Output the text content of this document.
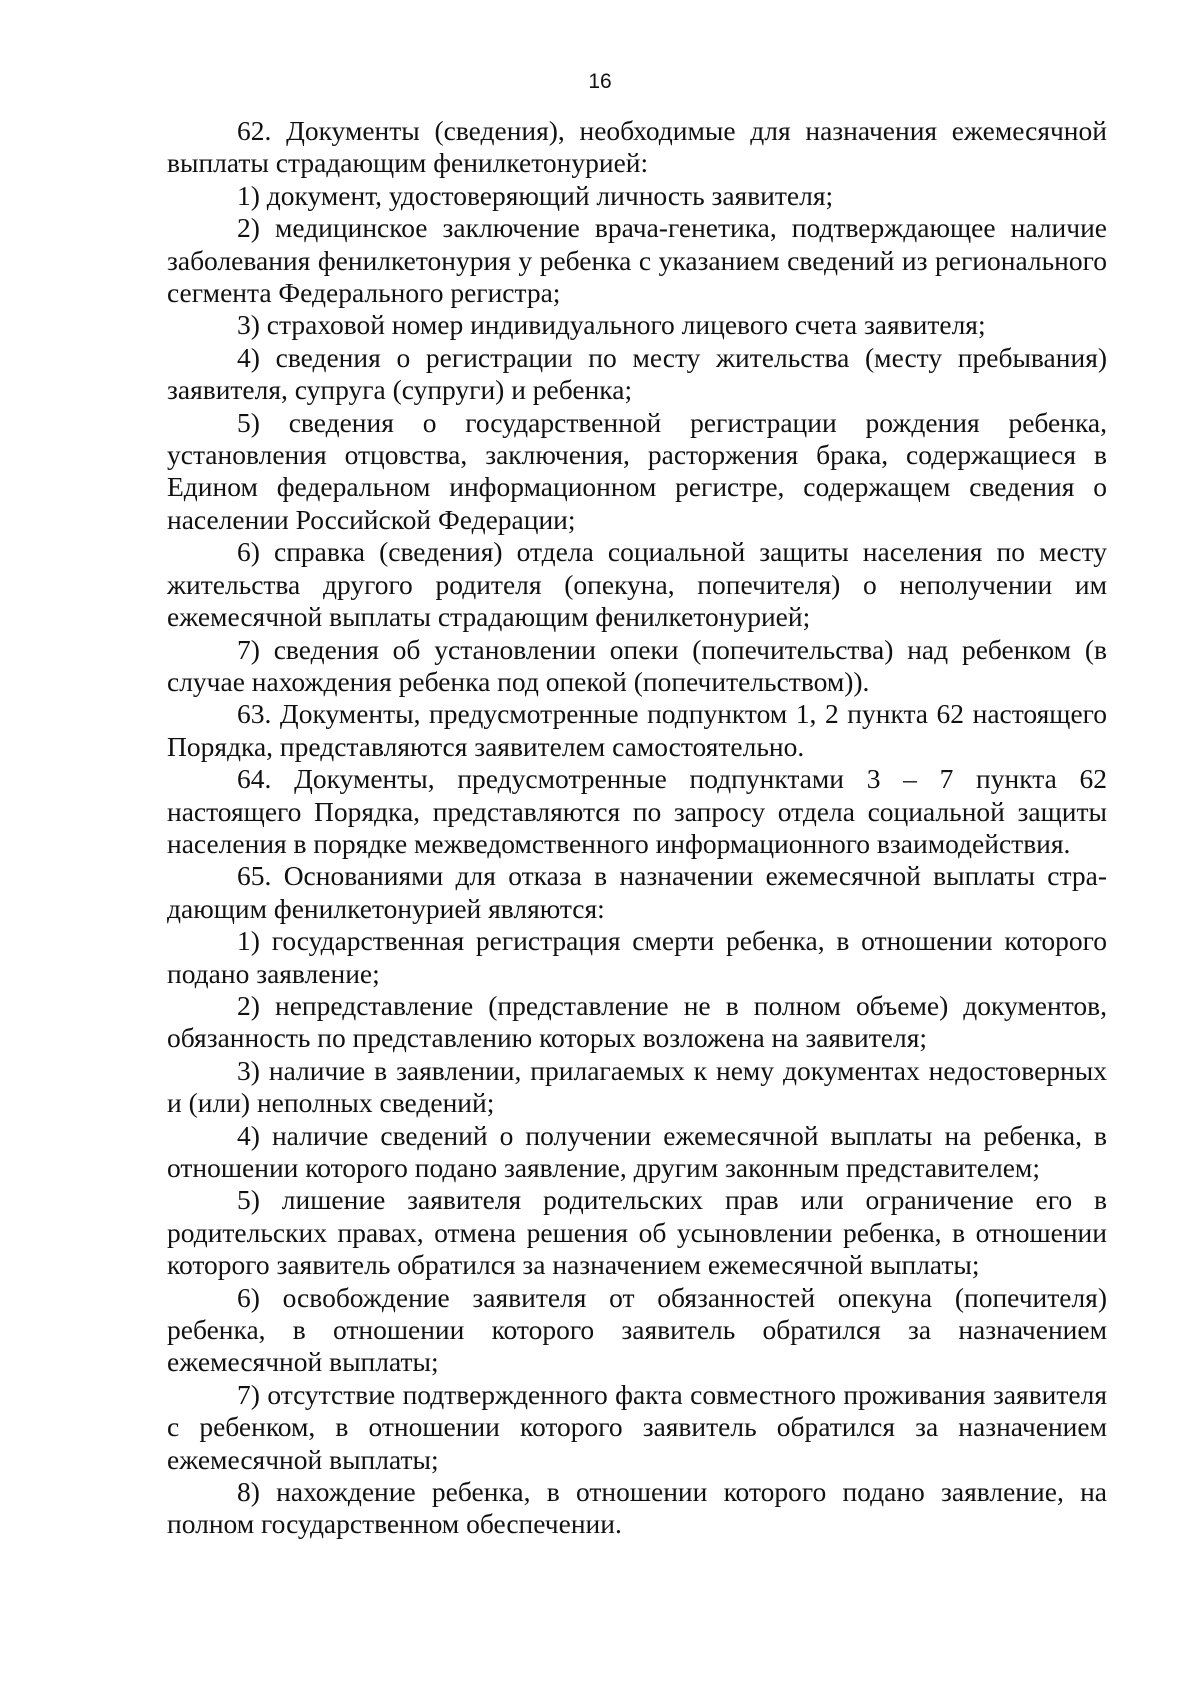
16

62. Документы (сведения), необходимые для назначения ежемесячной выплаты страдающим фенилкетонурией:

1) документ, удостоверяющий личность заявителя;

2) медицинское заключение врача-генетика, подтверждающее наличие заболевания фенилкетонурия у ребенка с указанием сведений из регионального сегмента Федерального регистра;

3) страховой номер индивидуального лицевого счета заявителя;

4) сведения о регистрации по месту жительства (месту пребывания) заявителя, супруга (супруги) и ребенка;

5) сведения о государственной регистрации рождения ребенка, установления отцовства, заключения, расторжения брака, содержащиеся в Едином федеральном информационном регистре, содержащем сведения о населении Российской Федерации;

6) справка (сведения) отдела социальной защиты населения по месту жительства другого родителя (опекуна, попечителя) о неполучении им ежемесячной выплаты страдающим фенилкетонурией;

7) сведения об установлении опеки (попечительства) над ребенком (в случае нахождения ребенка под опекой (попечительством)).

63. Документы, предусмотренные подпунктом 1, 2 пункта 62 настоящего Порядка, представляются заявителем самостоятельно.

64. Документы, предусмотренные подпунктами 3 – 7 пункта 62 настоящего Порядка, представляются по запросу отдела социальной защиты населения в порядке межведомственного информационного взаимодействия.

65. Основаниями для отказа в назначении ежемесячной выплаты страдающим фенилкетонурией являются:

1) государственная регистрация смерти ребенка, в отношении которого подано заявление;

2) непредставление (представление не в полном объеме) документов, обязанность по представлению которых возложена на заявителя;

3) наличие в заявлении, прилагаемых к нему документах недостоверных и (или) неполных сведений;

4) наличие сведений о получении ежемесячной выплаты на ребенка, в отношении которого подано заявление, другим законным представителем;

5) лишение заявителя родительских прав или ограничение его в родительских правах, отмена решения об усыновлении ребенка, в отношении которого заявитель обратился за назначением ежемесячной выплаты;

6) освобождение заявителя от обязанностей опекуна (попечителя) ребенка, в отношении которого заявитель обратился за назначением ежемесячной выплаты;

7) отсутствие подтвержденного факта совместного проживания заявителя с ребенком, в отношении которого заявитель обратился за назначением ежемесячной выплаты;

8) нахождение ребенка, в отношении которого подано заявление, на полном государственном обеспечении.
